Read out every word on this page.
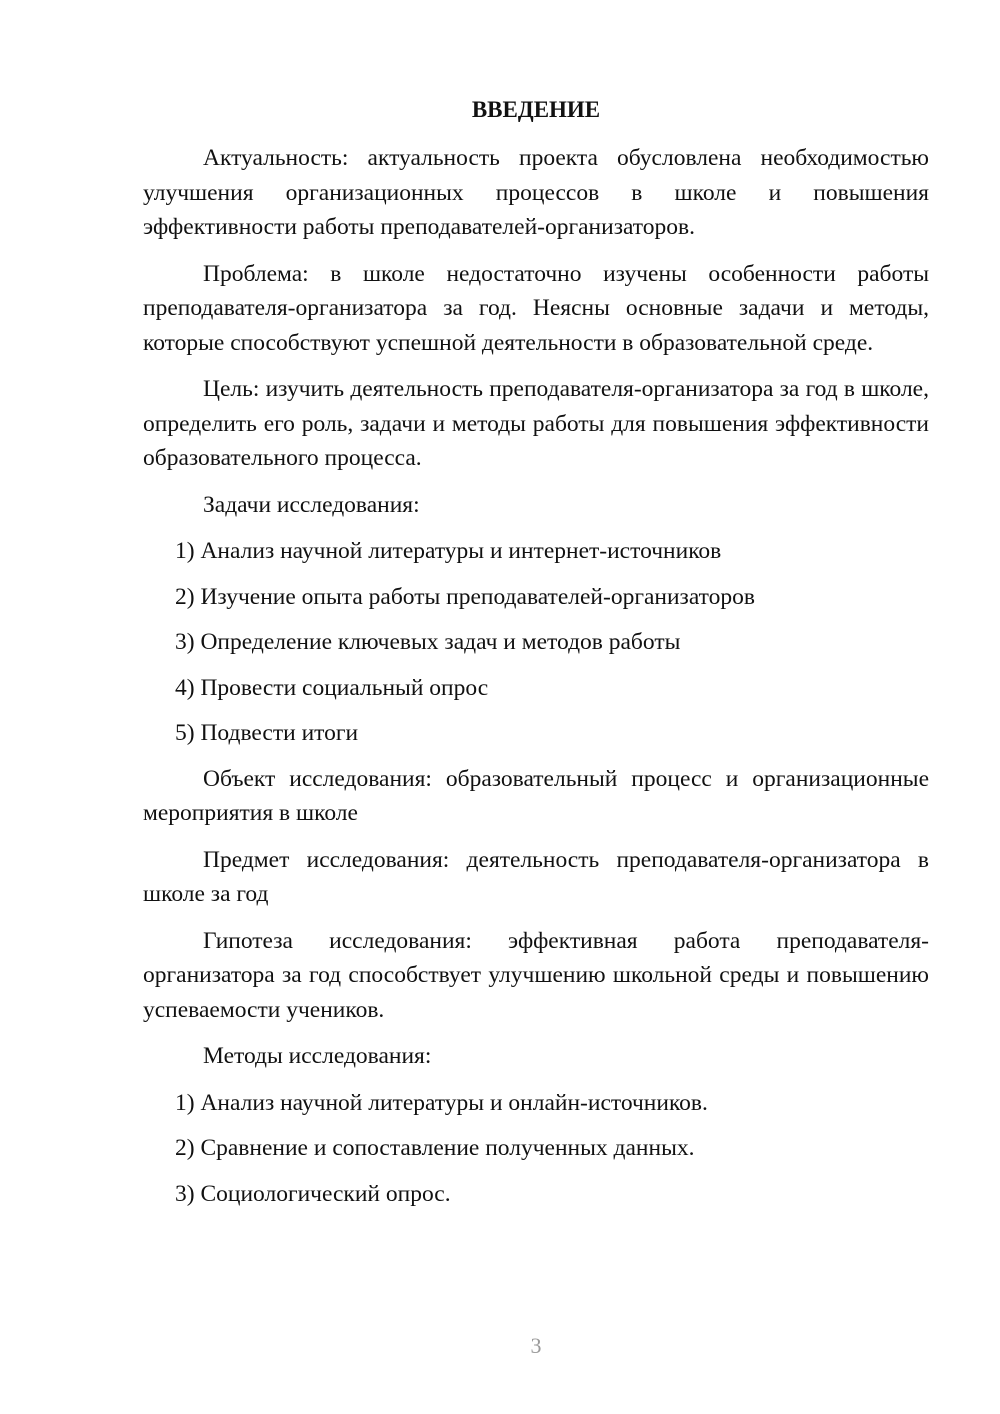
ВВЕДЕНИЕ

Актуальность: актуальность проекта обусловлена необходимостью улучшения организационных процессов в школе и повышения эффективности работы преподавателей-организаторов.

Проблема: в школе недостаточно изучены особенности работы преподавателя-организатора за год. Неясны основные задачи и методы, которые способствуют успешной деятельности в образовательной среде.

Цель: изучить деятельность преподавателя-организатора за год в школе, определить его роль, задачи и методы работы для повышения эффективности образовательного процесса.

Задачи исследования:
1) Анализ научной литературы и интернет-источников
2) Изучение опыта работы преподавателей-организаторов
3) Определение ключевых задач и методов работы
4) Провести социальный опрос
5) Подвести итоги

Объект исследования: образовательный процесс и организационные мероприятия в школе

Предмет исследования: деятельность преподавателя-организатора в школе за год

Гипотеза исследования: эффективная работа преподавателя-организатора за год способствует улучшению школьной среды и повышению успеваемости учеников.

Методы исследования:
1) Анализ научной литературы и онлайн-источников.
2) Сравнение и сопоставление полученных данных.
3) Социологический опрос.
3
